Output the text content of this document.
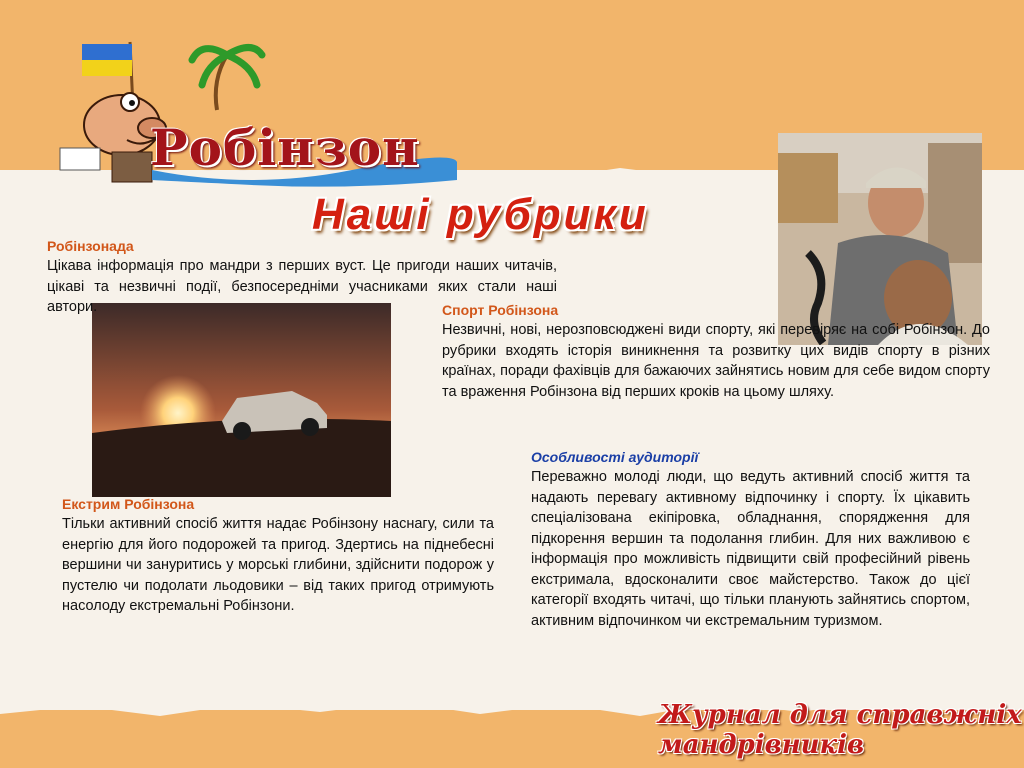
Робінзон
Наші рубрики
Робінзонада

Цікава інформація про мандри з перших вуст. Це пригоди наших читачів, цікаві та незвичні події, безпосередніми учасниками яких стали наші автори.	Спорт Робінзона

Незвичні, нові, нерозповсюджені види спорту, які перевіряє на собі Робінзон. До рубрики входять історія виникнення та розвитку цих видів спорту в різних країнах, поради фахівців для бажаючих зайнятись новим для себе видом спорту та враження Робінзона від перших кроків на цьому шляху.

Екстрим Робінзона

Тільки активний спосіб життя надає Робінзону наснагу, сили та енергію для його подорожей та пригод. Здертись на піднебесні вершини чи зануритись у морські глибини, здійснити подорож у пустелю чи подолати льодовики – від таких пригод отримують насолоду екстремальні Робінзони.

Особливості аудиторії

Переважно молоді люди, що ведуть активний спосіб життя та надають перевагу активному відпочинку і спорту. Їх цікавить спеціалізована екіпіровка, обладнання, спорядження для підкорення вершин та подолання глибин. Для них важливою є інформація про можливість підвищити свій професійний рівень екстримала, вдосконалити своє майстерство. Також до цієї категорії входять читачі, що тільки планують зайнятись спортом, активним відпочинком чи екстремальним туризмом.

Журнал для справжніх мандрівників
